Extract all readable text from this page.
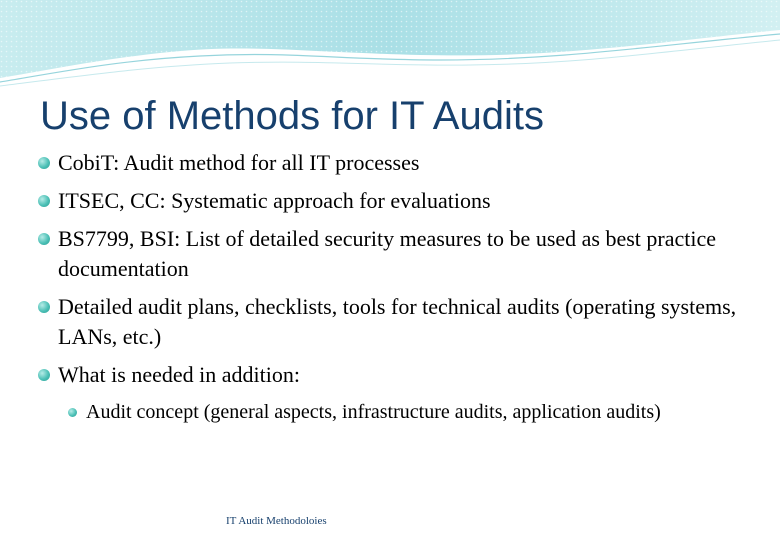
Use of Methods for IT Audits
CobiT: Audit method for all IT processes
ITSEC, CC: Systematic approach for evaluations
BS7799, BSI: List of detailed security measures to be used as best practice documentation
Detailed audit plans, checklists, tools for technical audits (operating systems, LANs, etc.)
What is needed in addition:
Audit concept (general aspects, infrastructure audits, application audits)
IT Audit Methodoloies
